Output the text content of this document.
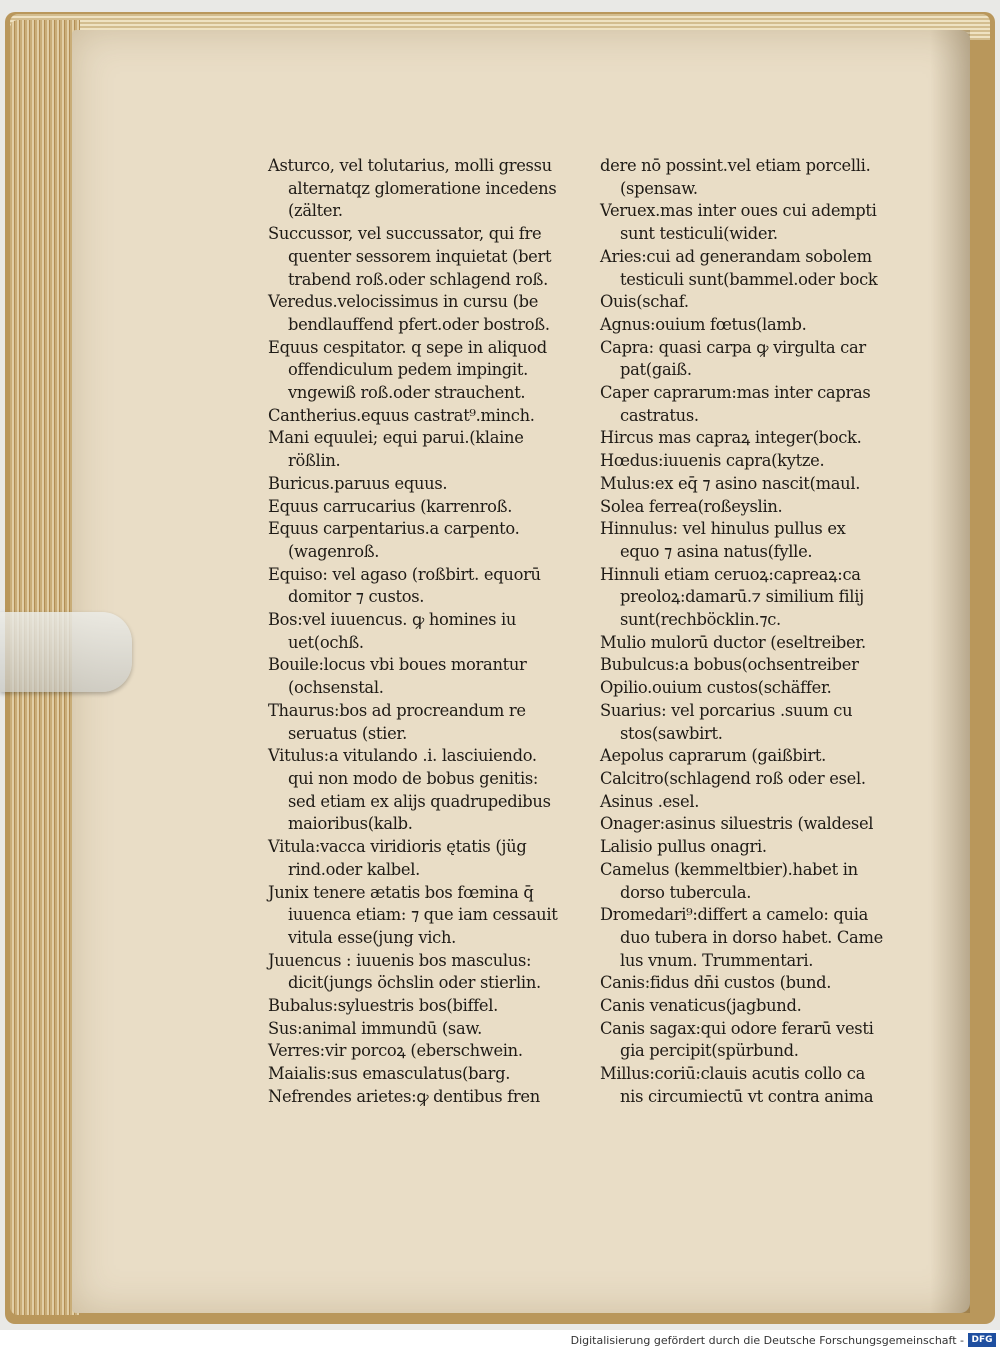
Asturco, vel tolutarius, molli gressu
alternatqz glomeratione incedens
(zälter.
Succussor, vel succussator, qui fre
quenter sessorem inquietat (bert
trabend roß.oder schlagend roß.
Veredus.velocissimus in cursu (be
bendlauffend pfert.oder bostroß.
Equus cespitator. q sepe in aliquod
offendiculum pedem impingit.
vngewiß roß.oder strauchent.
Cantherius.equus castrat⁹.minch.
Mani equulei; equi parui.(klaine
rößlin.
Buricus.paruus equus.
Equus carrucarius (karrenroß.
Equus carpentarius.a carpento.
(wagenroß.
Equiso: vel agaso (roßbirt. equorū
domitor ⁊ custos.
Bos:vel iuuencus. ꝙ homines iu
uet(ochß.
Bouile:locus vbi boues morantur
(ochsenstal.
Thaurus:bos ad procreandum re
seruatus (stier.
Vitulus:a vitulando .i. lasciuiendo.
qui non modo de bobus genitis:
sed etiam ex alijs quadrupedibus
maioribus(kalb.
Vitula:vacca viridioris ętatis (jüg
rind.oder kalbel.
Junix tenere ætatis bos fœmina q̄
iuuenca etiam: ⁊ que iam cessauit
vitula esse(jung vich.
Juuencus : iuuenis bos masculus:
dicit(jungs öchslin oder stierlin.
Bubalus:syluestris bos(biffel.
Sus:animal immundū (saw.
Verres:vir porcoꝝ (eberschwein.
Maialis:sus emasculatus(barg.
Nefrendes arietes:ꝙ dentibus fren
dere nō possint.vel etiam porcelli.
(spensaw.
Veruex.mas inter oues cui adempti
sunt testiculi(wider.
Aries:cui ad generandam sobolem
testiculi sunt(bammel.oder bock
Ouis(schaf.
Agnus:ouium fœtus(lamb.
Capra: quasi carpa ꝙ virgulta car
pat(gaiß.
Caper caprarum:mas inter capras
castratus.
Hircus mas capraꝝ integer(bock.
Hœdus:iuuenis capra(kytze.
Mulus:ex eq̄ ⁊ asino nascit(maul.
Solea ferrea(roßeyslin.
Hinnulus: vel hinulus pullus ex
equo ⁊ asina natus(fylle.
Hinnuli etiam ceruoꝝ:capreaꝝ:ca
preoloꝝ:damarū.⁊ similium filij
sunt(rechböcklin.⁊c.
Mulio mulorū ductor (eseltreiber.
Bubulcus:a bobus(ochsentreiber
Opilio.ouium custos(schäffer.
Suarius: vel porcarius .suum cu
stos(sawbirt.
Aepolus caprarum (gaißbirt.
Calcitro(schlagend roß oder esel.
Asinus .esel.
Onager:asinus siluestris (waldesel
Lalisio pullus onagri.
Camelus (kemmeltbier).habet in
dorso tubercula.
Dromedari⁹:differt a camelo: quia
duo tubera in dorso habet. Came
lus vnum. Trummentari.
Canis:fidus dn̄i custos (bund.
Canis venaticus(jagbund.
Canis sagax:qui odore ferarū vesti
gia percipit(spürbund.
Millus:coriū:clauis acutis collo ca
nis circumiectū vt contra anima
Digitalisierung gefördert durch die Deutsche Forschungsgemeinschaft - DFG
